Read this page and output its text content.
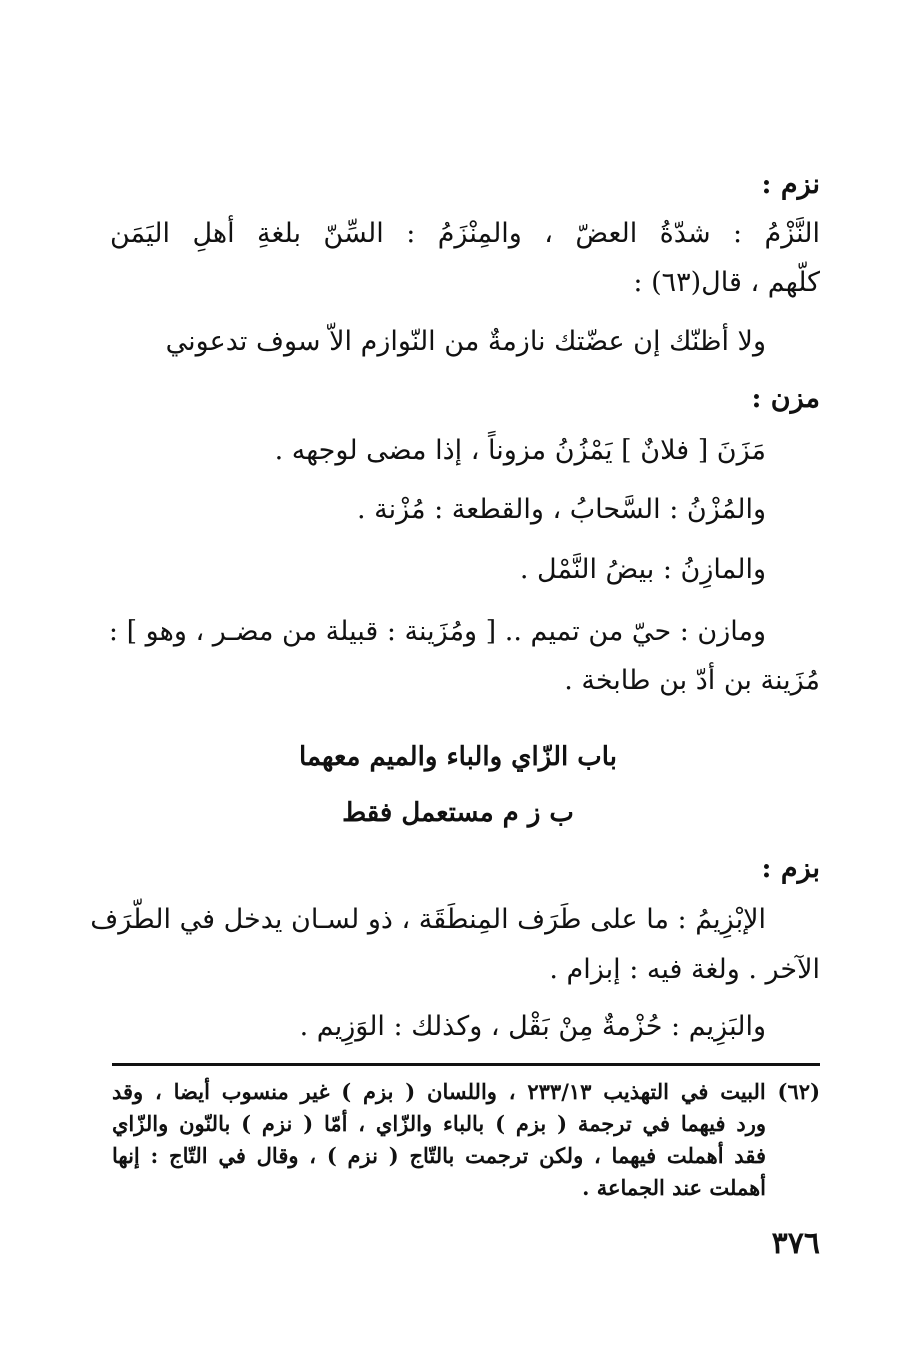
نزم :
النَّزْمُ : شدّةُ العضّ ، والمِنْزَمُ : السِّنّ بلغةِ أهلِ اليَمَن
كلّهم ، قال(٦٣) :
ولا أظنّك إن عضّتك نازمةٌ من النّوازم الاّ سوف تدعوني
مزن :
مَزَنَ [ فلانٌ ] يَمْزُنُ مزوناً ، إذا مضى لوجهه .
والمُزْنُ : السَّحابُ ، والقطعة : مُزْنة .
والمازِنُ : بيضُ النَّمْل .
ومازن : حيّ من تميم .. [ ومُزَينة : قبيلة من مضـر ، وهو ] :
مُزَينة بن أدّ بن طابخة .
باب الزّاي والباء والميم معهما
ب ز م مستعمل فقط
بزم :
الإبْزِيمُ : ما على طَرَف المِنطَقَة ، ذو لسـان يدخل في الطّرَف
الآخر . ولغة فيه : إبزام .
والبَزِيم : حُزْمةٌ مِنْ بَقْل ، وكذلك : الوَزِيم .
(٦٢) البيت في التهذيب ٢٣٣/١٣ ، واللسان ( بزم ) غير منسوب أيضا ، وقد
ورد فيهما في ترجمة ( بزم ) بالباء والزّاي ، أمّا ( نزم ) بالنّون والزّاي
فقد أهملت فيهما ، ولكن ترجمت بالتّاج ( نزم ) ، وقال في التّاج : إنها
أهملت عند الجماعة .
٣٧٦
